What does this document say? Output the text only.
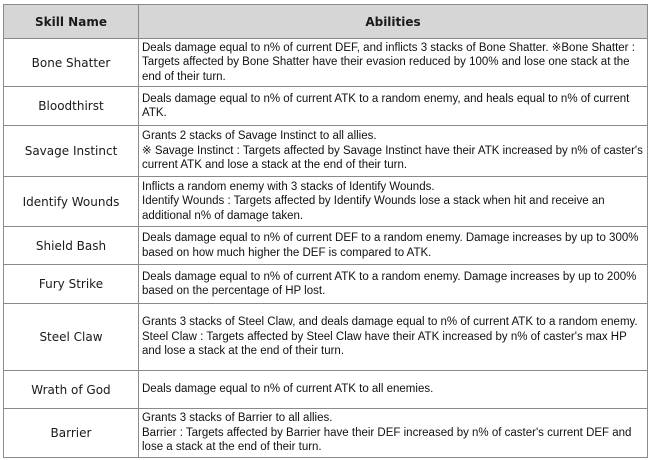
Skill Name	Abilities
Bone Shatter	Deals damage equal to n% of current DEF, and inflicts 3 stacks of Bone Shatter. ※Bone Shatter : Targets affected by Bone Shatter have their evasion reduced by 100% and lose one stack at the end of their turn.

Bloodthirst	Deals damage equal to n% of current ATK to a random enemy, and heals equal to n% of current ATK.

Savage Instinct	Grants 2 stacks of Savage Instinct to all allies.
※ Savage Instinct : Targets affected by Savage Instinct have their ATK increased by n% of caster's current ATK and lose a stack at the end of their turn.

Identify Wounds	Inflicts a random enemy with 3 stacks of Identify Wounds.
Identify Wounds : Targets affected by Identify Wounds lose a stack when hit and receive an additional n% of damage taken.

Shield Bash	Deals damage equal to n% of current DEF to a random enemy. Damage increases by up to 300% based on how much higher the DEF is compared to ATK.

Fury Strike	Deals damage equal to n% of current ATK to a random enemy. Damage increases by up to 200% based on the percentage of HP lost.

Steel Claw	Grants 3 stacks of Steel Claw, and deals damage equal to n% of current ATK to a random enemy.
Steel Claw : Targets affected by Steel Claw have their ATK increased by n% of caster's max HP and lose a stack at the end of their turn.

Wrath of God	Deals damage equal to n% of current ATK to all enemies.

Barrier	Grants 3 stacks of Barrier to all allies.
Barrier : Targets affected by Barrier have their DEF increased by n% of caster's current DEF and lose a stack at the end of their turn.
